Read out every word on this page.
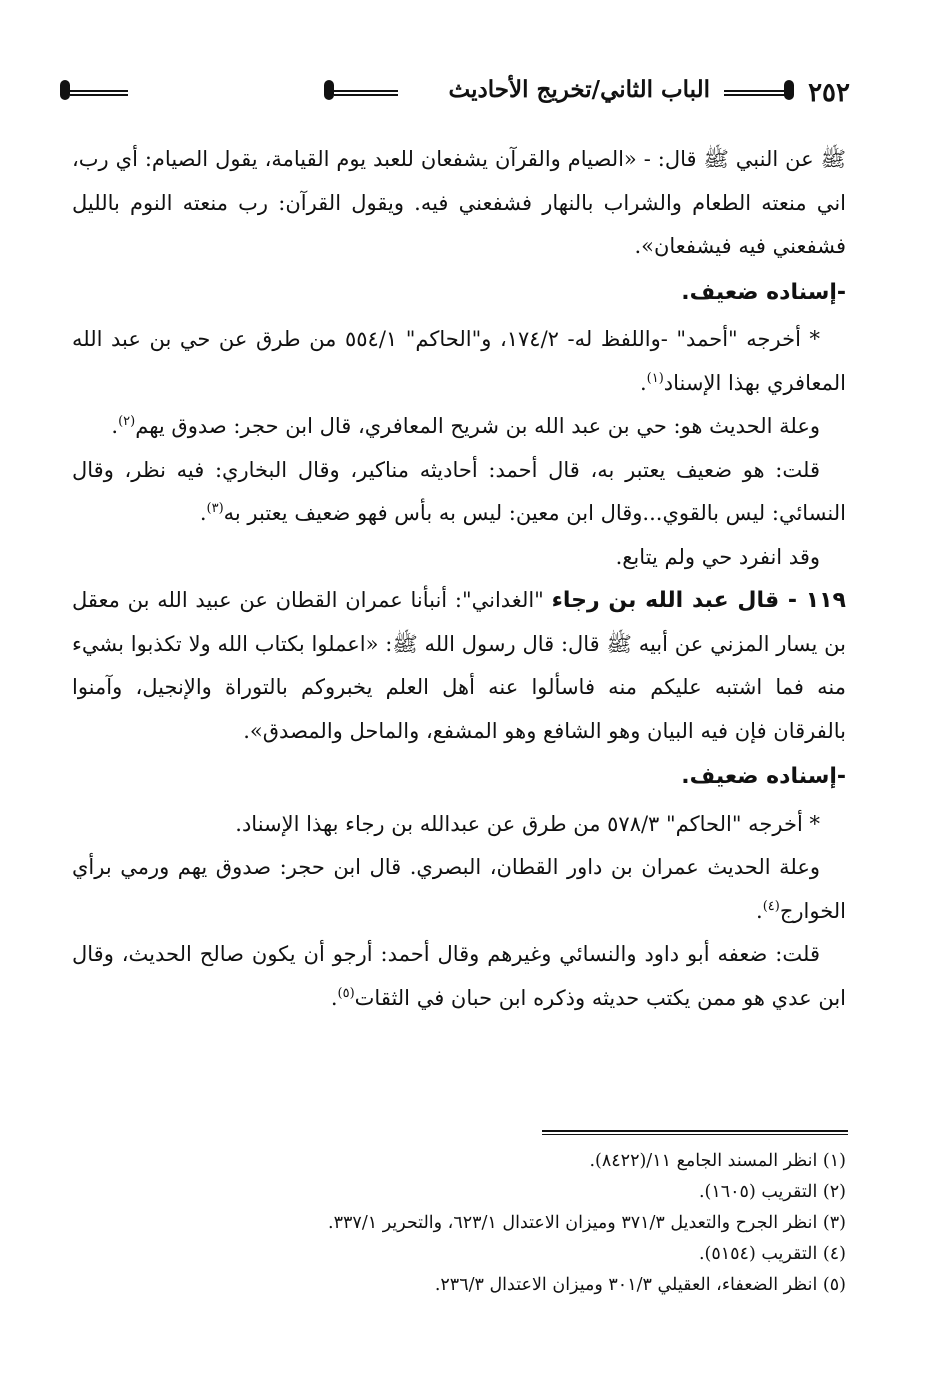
٢٥٢
الباب الثاني/تخريج الأحاديث

ﷺ عن النبي ﷺ قال: - «الصيام والقرآن يشفعان للعبد يوم القيامة، يقول الصيام: أي رب، اني منعته الطعام والشراب بالنهار فشفعني فيه. ويقول القرآن: رب منعته النوم بالليل فشفعني فيه فيشفعان».

-إسناده ضعيف.

* أخرجه "أحمد" -واللفظ له- ١٧٤/٢، و"الحاكم" ٥٥٤/١ من طرق عن حي بن عبد الله المعافري بهذا الإسناد$^{(١)}$.

وعلة الحديث هو: حي بن عبد الله بن شريح المعافري، قال ابن حجر: صدوق يهم$^{(٢)}$.

قلت: هو ضعيف يعتبر به، قال أحمد: أحاديثه مناكير، وقال البخاري: فيه نظر، وقال النسائي: ليس بالقوي...وقال ابن معين: ليس به بأس فهو ضعيف يعتبر به$^{(٣)}$.

وقد انفرد حي ولم يتابع.

١١٩ - قال عبد الله بن رجاء "الغداني": أنبأنا عمران القطان عن عبيد الله بن معقل بن يسار المزني عن أبيه ﷺ قال: قال رسول الله ﷺ: «اعملوا بكتاب الله ولا تكذبوا بشيء منه فما اشتبه عليكم منه فاسألوا عنه أهل العلم يخبروكم بالتوراة والإنجيل، وآمنوا بالفرقان فإن فيه البيان وهو الشافع وهو المشفع، والماحل والمصدق».

-إسناده ضعيف.

* أخرجه "الحاكم" ٥٧٨/٣ من طرق عن عبدالله بن رجاء بهذا الإسناد.

وعلة الحديث عمران بن داور القطان، البصري. قال ابن حجر: صدوق يهم ورمي برأي الخوارج$^{(٤)}$.

قلت: ضعفه أبو داود والنسائي وغيرهم وقال أحمد: أرجو أن يكون صالح الحديث، وقال ابن عدي هو ممن يكتب حديثه وذكره ابن حبان في الثقات$^{(٥)}$.

(١) انظر المسند الجامع ١١/(٨٤٢٢).
(٢) التقريب (١٦٠٥).
(٣) انظر الجرح والتعديل ٣٧١/٣ وميزان الاعتدال ٦٢٣/١، والتحرير ٣٣٧/١.
(٤) التقريب (٥١٥٤).
(٥) انظر الضعفاء، العقيلي ٣٠١/٣ وميزان الاعتدال ٢٣٦/٣.
